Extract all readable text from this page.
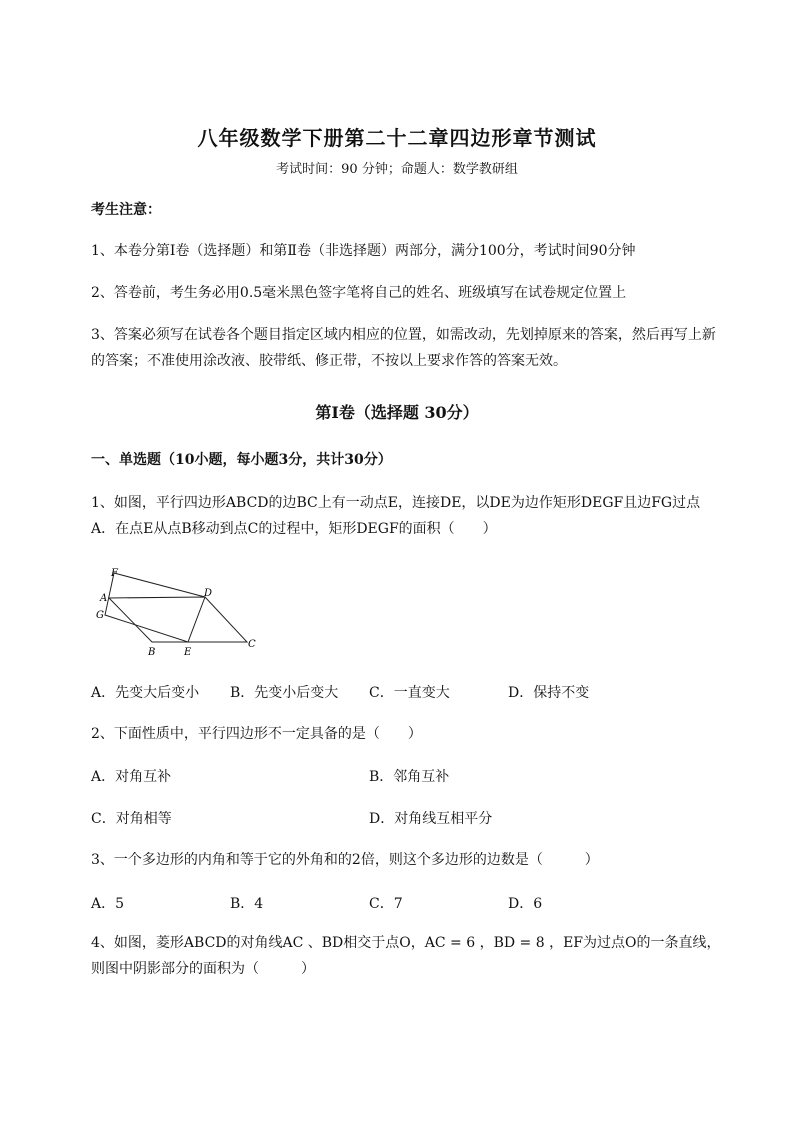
八年级数学下册第二十二章四边形章节测试
考试时间：90 分钟；命题人：数学教研组
考生注意：
1、本卷分第I卷（选择题）和第Ⅱ卷（非选择题）两部分，满分100分，考试时间90分钟
2、答卷前，考生务必用0.5毫米黑色签字笔将自己的姓名、班级填写在试卷规定位置上
3、答案必须写在试卷各个题目指定区域内相应的位置，如需改动，先划掉原来的答案，然后再写上新
的答案；不准使用涂改液、胶带纸、修正带，不按以上要求作答的答案无效。
第I卷（选择题 30分）
一、单选题（10小题，每小题3分，共计30分）
1、如图，平行四边形ABCD的边BC上有一动点E，连接DE，以DE为边作矩形DEGF且边FG过点
A．在点E从点B移动到点C的过程中，矩形DEGF的面积（　　）
F
A
G
B	E
D
C
A．先变大后变小 B．先变小后变大 C．一直变大	D．保持不变
2、下面性质中，平行四边形不一定具备的是（　　）
A．对角互补	B．邻角互补
C．对角相等	D．对角线互相平分
3、一个多边形的内角和等于它的外角和的2倍，则这个多边形的边数是（　　　）
A．5	B．4	C．7	D．6
4、如图，菱形ABCD的对角线AC 、BD相交于点O，AC = 6 ，BD = 8 ，EF为过点O的一条直线，
则图中阴影部分的面积为（　　　）
